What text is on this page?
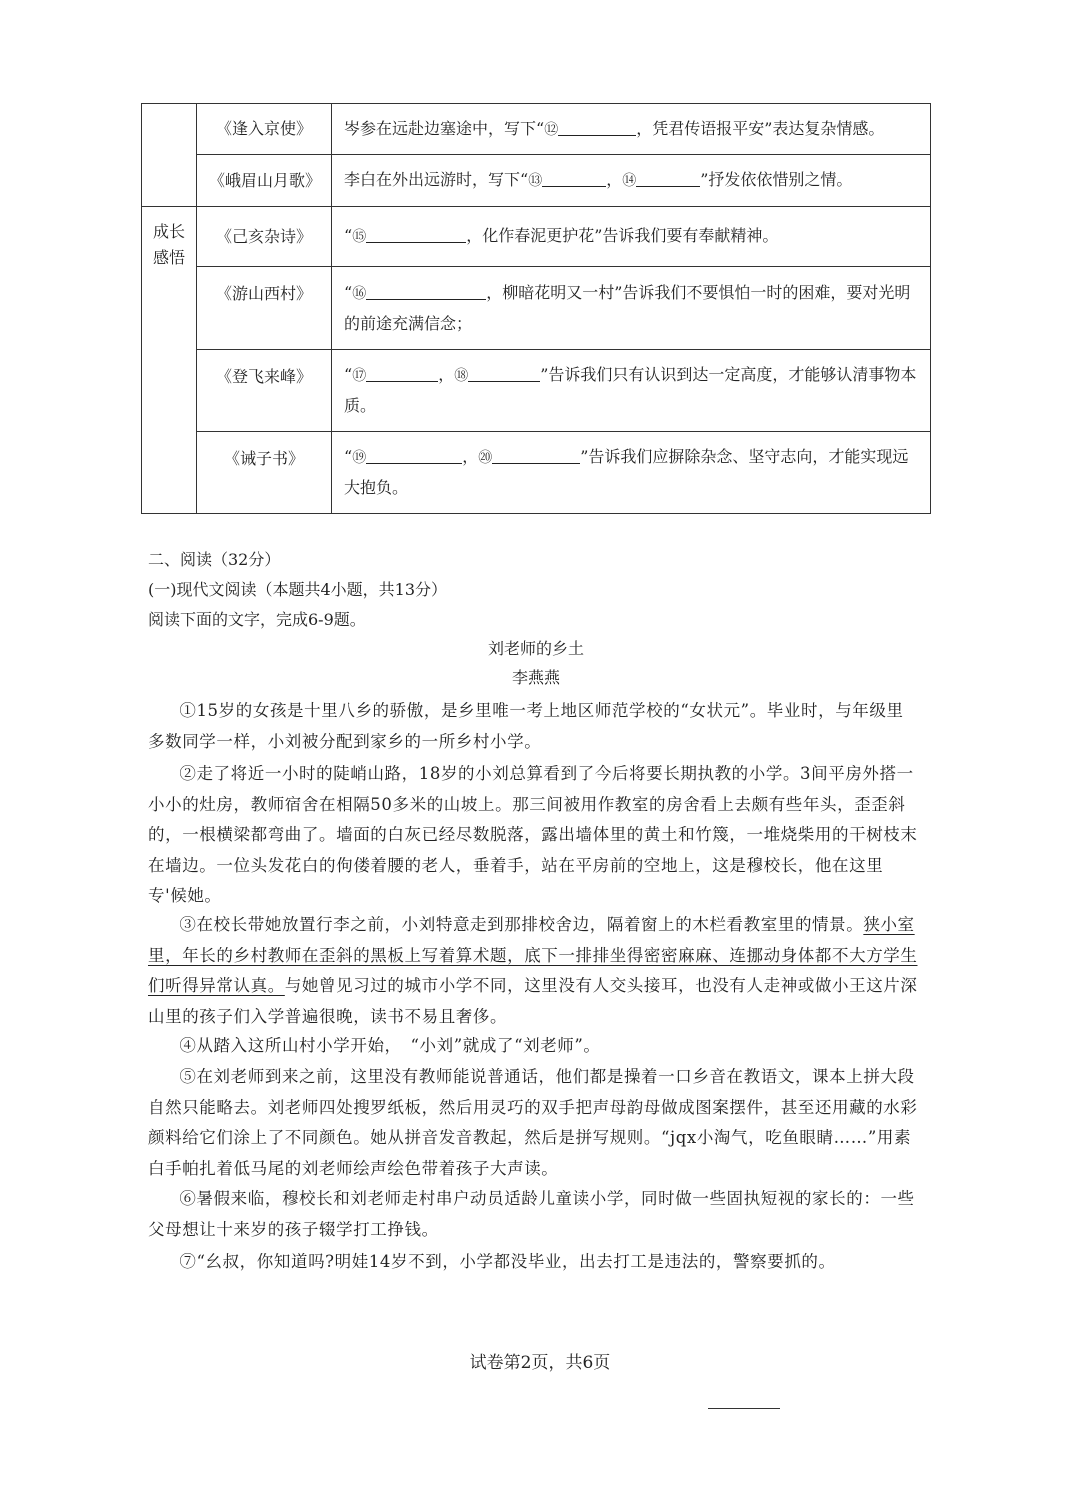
	《逢入京使》	岑参在远赴边塞途中，写下“⑫ ，凭君传语报平安”表达复杂情感。
	《峨眉山月歌》	李白在外出远游时，写下“⑬ ，⑭ ”抒发依依惜别之情。

成长
感悟	《己亥杂诗》	“⑮ ，化作春泥更护花”告诉我们要有奉献精神。
	《游山西村》	“⑯ ，柳暗花明又一村”告诉我们不要惧怕一时的困难，要对光明的前途充满信念；
	《登飞来峰》	“⑰ ，⑱ ”告诉我们只有认识到达一定高度，才能够认清事物本质。
	《诫子书》	“⑲ ，⑳ ”告诉我们应摒除杂念、坚守志向，才能实现远大抱负。
二、阅读（32分）
(一)现代文阅读（本题共4小题，共13分）
阅读下面的文字，完成6-9题。
刘老师的乡土
李燕燕
①15岁的女孩是十里八乡的骄傲，是乡里唯一考上地区师范学校的“女状元”。毕业时，与年级里多数同学一样，小刘被分配到家乡的一所乡村小学。
②走了将近一小时的陡峭山路，18岁的小刘总算看到了今后将要长期执教的小学。3间平房外搭一小小的灶房，教师宿舍在相隔50多米的山坡上。那三间被用作教室的房舍看上去颇有些年头，歪歪斜的，一根横梁都弯曲了。墙面的白灰已经尽数脱落，露出墙体里的黄土和竹篾，一堆烧柴用的干树枝末在墙边。一位头发花白的佝偻着腰的老人，垂着手，站在平房前的空地上，这是穆校长，他在这里专'候她。
③在校长带她放置行李之前，小刘特意走到那排校舍边，隔着窗上的木栏看教室里的情景。狭小室里，年长的乡村教师在歪斜的黑板上写着算术题，底下一排排坐得密密麻麻、连挪动身体都不大方学生们听得异常认真。与她曾见习过的城市小学不同，这里没有人交头接耳，也没有人走神或做小王这片深山里的孩子们入学普遍很晚，读书不易且奢侈。
④从踏入这所山村小学开始，　“小刘”就成了“刘老师”。
⑤在刘老师到来之前，这里没有教师能说普通话，他们都是操着一口乡音在教语文，课本上拼大段自然只能略去。刘老师四处搜罗纸板，然后用灵巧的双手把声母韵母做成图案摆件，甚至还用藏的水彩颜料给它们涂上了不同颜色。她从拼音发音教起，然后是拼写规则。“jqx小淘气，吃鱼眼睛……”用素白手帕扎着低马尾的刘老师绘声绘色带着孩子大声读。
⑥暑假来临，穆校长和刘老师走村串户动员适龄儿童读小学，同时做一些固执短视的家长的：一些父母想让十来岁的孩子辍学打工挣钱。
⑦“幺叔，你知道吗?明娃14岁不到，小学都没毕业，出去打工是违法的，警察要抓的。
试卷第2页，共6页
